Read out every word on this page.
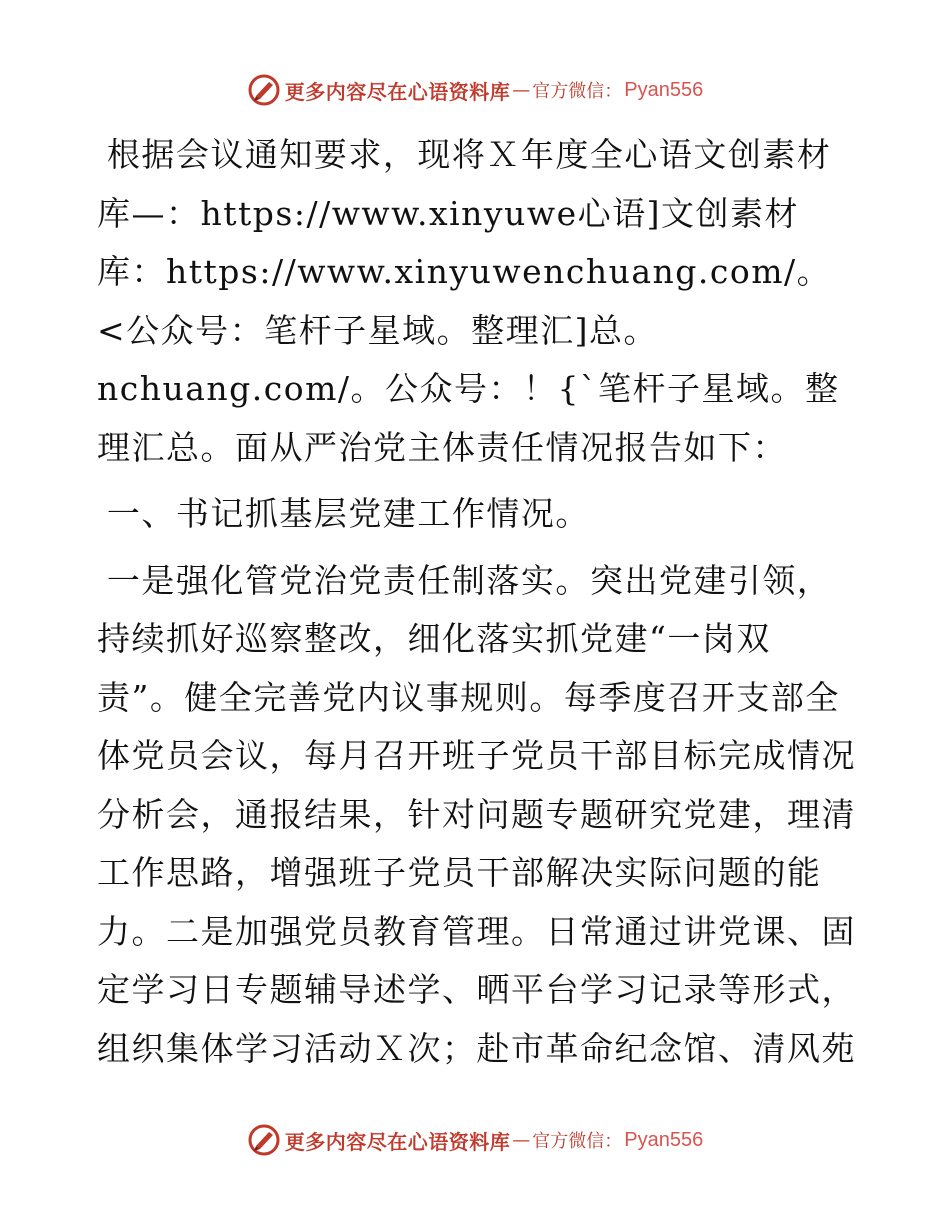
更多内容尽在心语资料库 — 官方微信： Pyan556

根据会议通知要求，现将Ｘ年度全心语文创素材库—：https://www.xinyuwe心语]文创素材库：https://www.xinyuwenchuang.com/。<公众号：笔杆子星域。整理汇]总。nchuang.com/。公众号：！{`笔杆子星域。整理汇总。面从严治党主体责任情况报告如下：

一、书记抓基层党建工作情况。

一是强化管党治党责任制落实。突出党建引领，持续抓好巡察整改，细化落实抓党建“一岗双责”。健全完善党内议事规则。每季度召开支部全体党员会议，每月召开班子党员干部目标完成情况分析会，通报结果，针对问题专题研究党建，理清工作思路，增强班子党员干部解决实际问题的能力。二是加强党员教育管理。日常通过讲党课、固定学习日专题辅导述学、晒平台学习记录等形式，组织集体学习活动Ｘ次；赴市革命纪念馆、清风苑

更多内容尽在心语资料库 — 官方微信： Pyan556
